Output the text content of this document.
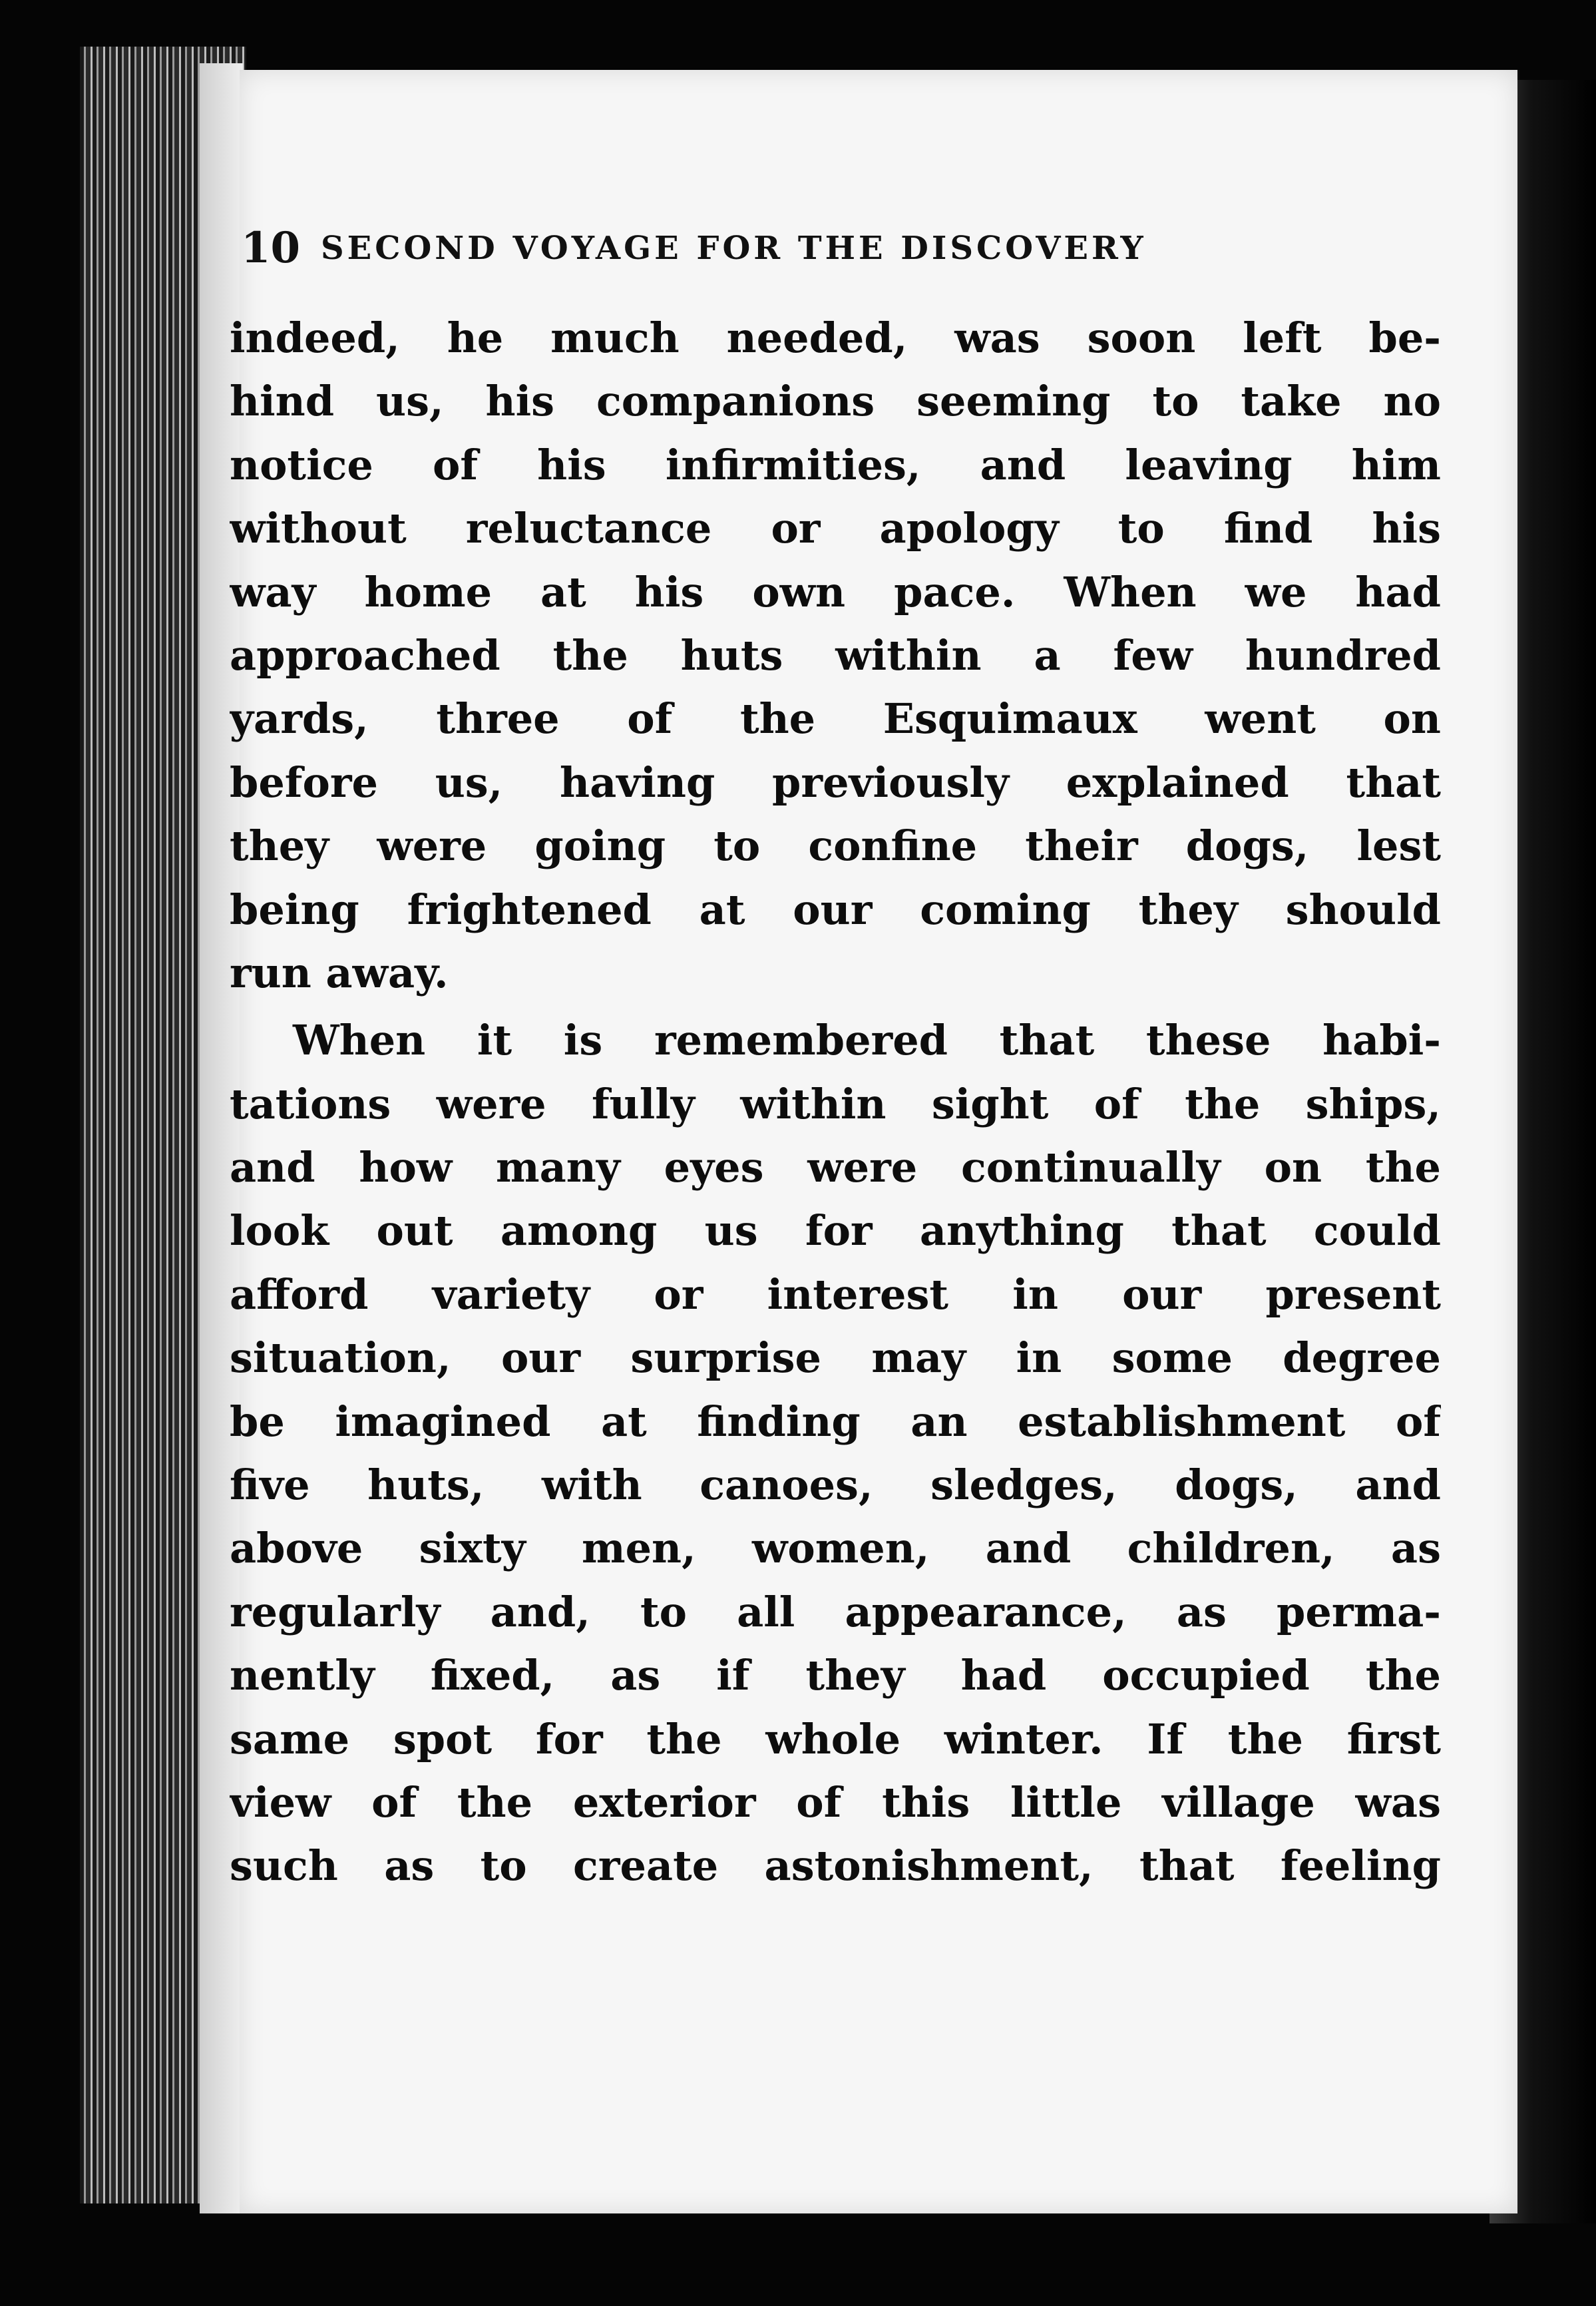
10 SECOND VOYAGE FOR THE DISCOVERY
indeed, he much needed, was soon left be-
hind us, his companions seeming to take no
notice of his infirmities, and leaving him
without reluctance or apology to find his
way home at his own pace. When we had
approached the huts within a few hundred
yards, three of the Esquimaux went on
before us, having previously explained that
they were going to confine their dogs, lest
being frightened at our coming they should
run away.
When it is remembered that these habi-
tations were fully within sight of the ships,
and how many eyes were continually on the
look out among us for anything that could
afford variety or interest in our present
situation, our surprise may in some degree
be imagined at finding an establishment of
five huts, with canoes, sledges, dogs, and
above sixty men, women, and children, as
regularly and, to all appearance, as perma-
nently fixed, as if they had occupied the
same spot for the whole winter. If the first
view of the exterior of this little village was
such as to create astonishment, that feeling
